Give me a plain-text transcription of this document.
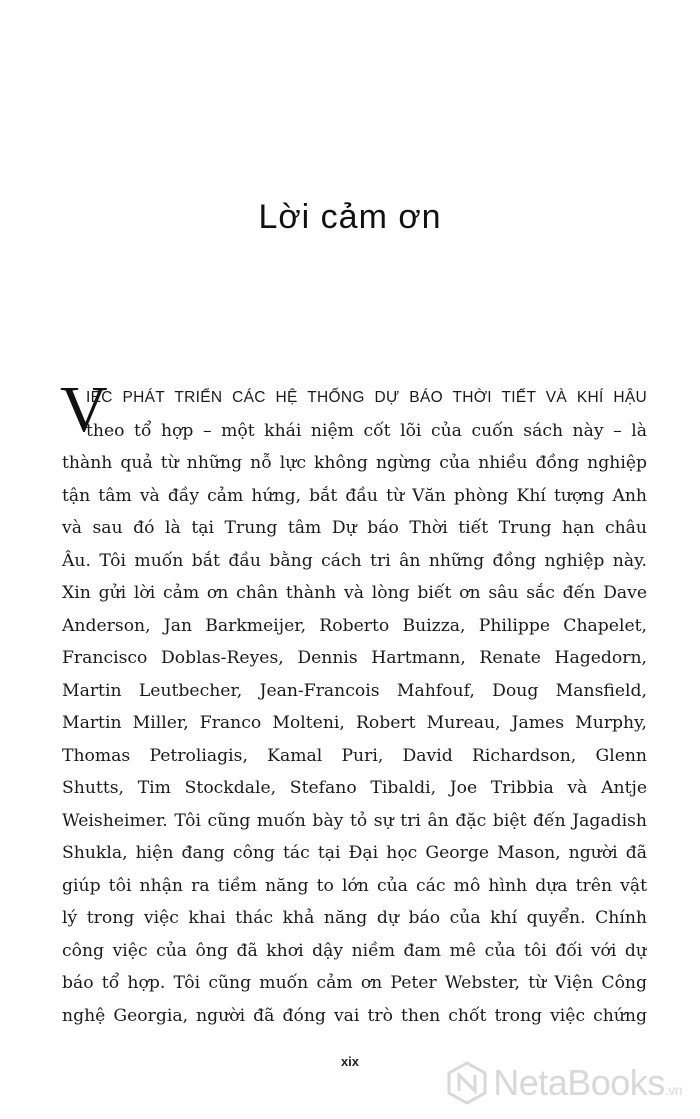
Lời cảm ơn
V
IỆC PHÁT TRIỂN CÁC HỆ THỐNG DỰ BÁO THỜI TIẾT VÀ KHÍ HẬU
theo tổ hợp – một khái niệm cốt lõi của cuốn sách này – là
thành quả từ những nỗ lực không ngừng của nhiều đồng nghiệp
tận tâm và đầy cảm hứng, bắt đầu từ Văn phòng Khí tượng Anh
và sau đó là tại Trung tâm Dự báo Thời tiết Trung hạn châu
Âu. Tôi muốn bắt đầu bằng cách tri ân những đồng nghiệp này.
Xin gửi lời cảm ơn chân thành và lòng biết ơn sâu sắc đến Dave
Anderson, Jan Barkmeijer, Roberto Buizza, Philippe Chapelet,
Francisco Doblas-Reyes, Dennis Hartmann, Renate Hagedorn,
Martin Leutbecher, Jean-Francois Mahfouf, Doug Mansfield,
Martin Miller, Franco Molteni, Robert Mureau, James Murphy,
Thomas Petroliagis, Kamal Puri, David Richardson, Glenn
Shutts, Tim Stockdale, Stefano Tibaldi, Joe Tribbia và Antje
Weisheimer. Tôi cũng muốn bày tỏ sự tri ân đặc biệt đến Jagadish
Shukla, hiện đang công tác tại Đại học George Mason, người đã
giúp tôi nhận ra tiềm năng to lớn của các mô hình dựa trên vật
lý trong việc khai thác khả năng dự báo của khí quyển. Chính
công việc của ông đã khơi dậy niềm đam mê của tôi đối với dự
báo tổ hợp. Tôi cũng muốn cảm ơn Peter Webster, từ Viện Công
nghệ Georgia, người đã đóng vai trò then chốt trong việc chứng
xix
NetaBooks.vn
